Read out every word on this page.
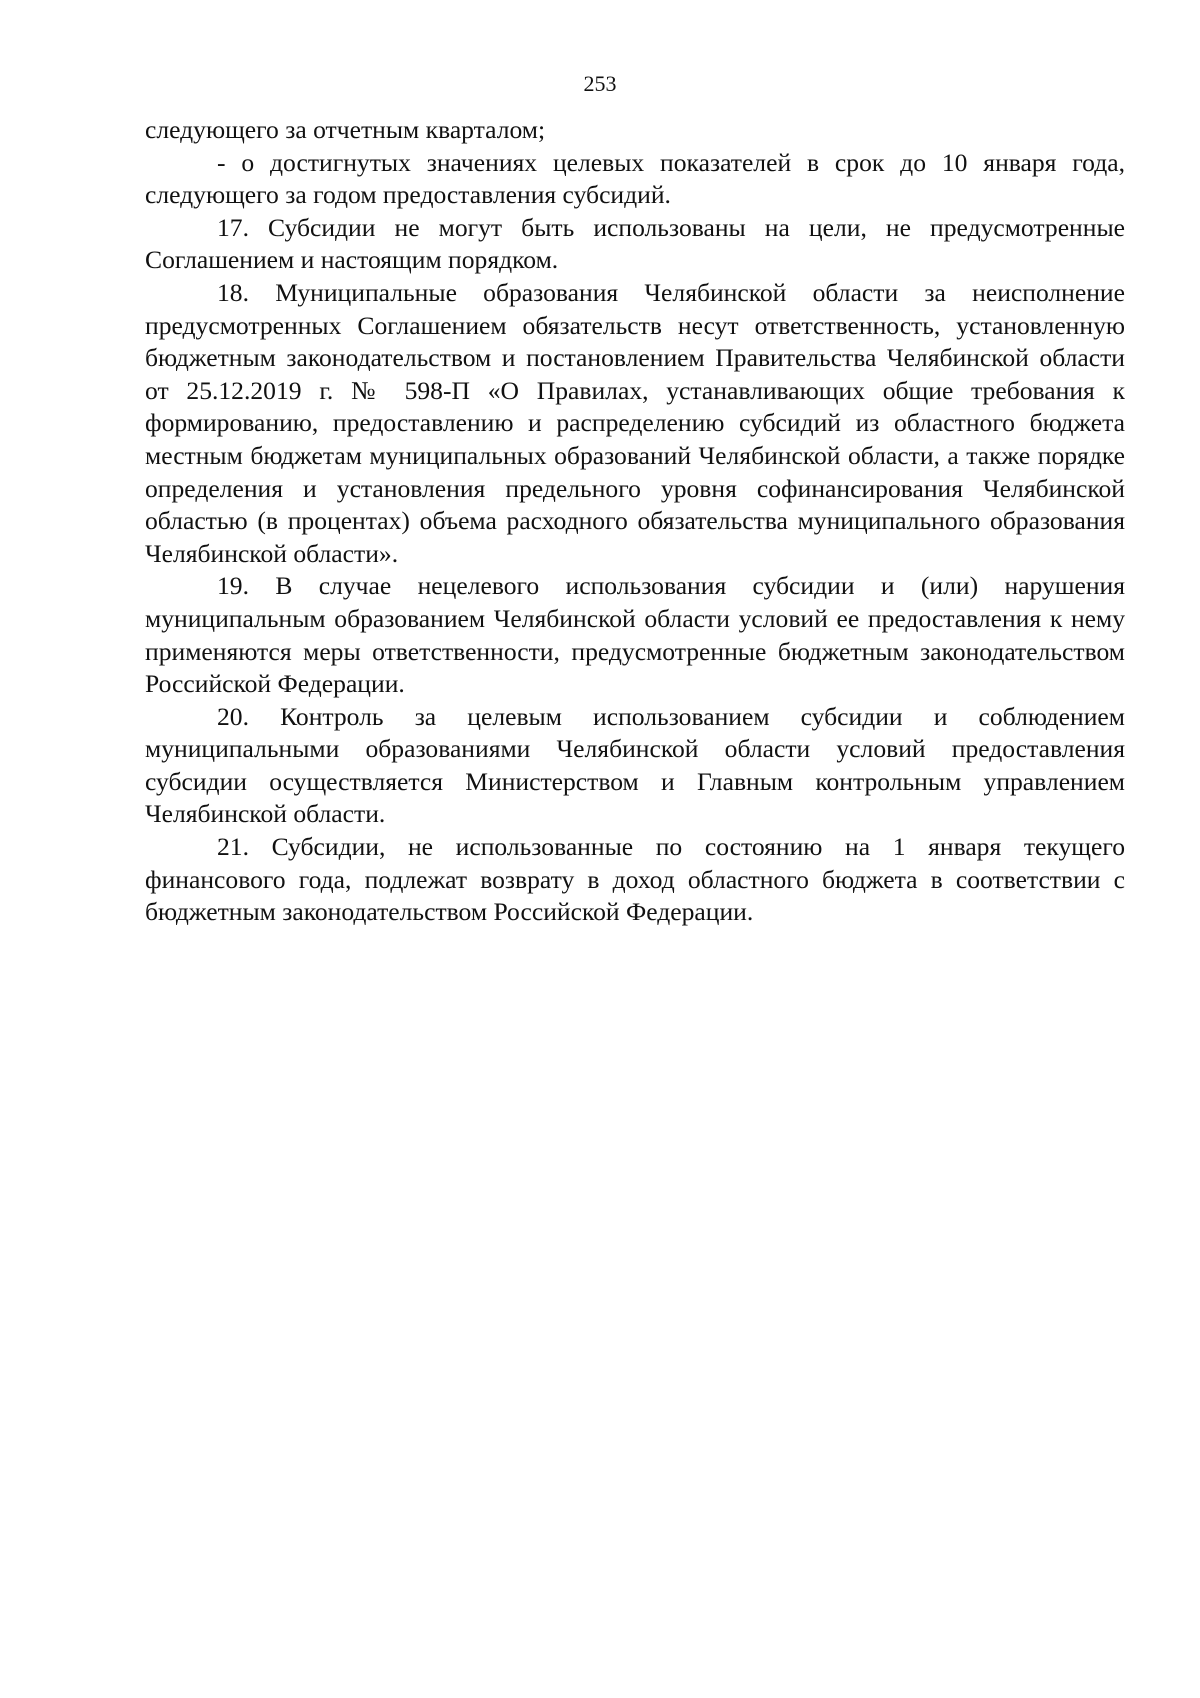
253

следующего за отчетным кварталом;

- о достигнутых значениях целевых показателей в срок до 10 января года, следующего за годом предоставления субсидий.

17. Субсидии не могут быть использованы на цели, не предусмотренные Соглашением и настоящим порядком.

18. Муниципальные образования Челябинской области за неисполнение предусмотренных Соглашением обязательств несут ответственность, установленную бюджетным законодательством и постановлением Правительства Челябинской области от 25.12.2019 г. № 598-П «О Правилах, устанавливающих общие требования к формированию, предоставлению и распределению субсидий из областного бюджета местным бюджетам муниципальных образований Челябинской области, а также порядке определения и установления предельного уровня софинансирования Челябинской областью (в процентах) объема расходного обязательства муниципального образования Челябинской области».

19. В случае нецелевого использования субсидии и (или) нарушения муниципальным образованием Челябинской области условий ее предоставления к нему применяются меры ответственности, предусмотренные бюджетным законодательством Российской Федерации.

20. Контроль за целевым использованием субсидии и соблюдением муниципальными образованиями Челябинской области условий предоставления субсидии осуществляется Министерством и Главным контрольным управлением Челябинской области.

21. Субсидии, не использованные по состоянию на 1 января текущего финансового года, подлежат возврату в доход областного бюджета в соответствии с бюджетным законодательством Российской Федерации.
